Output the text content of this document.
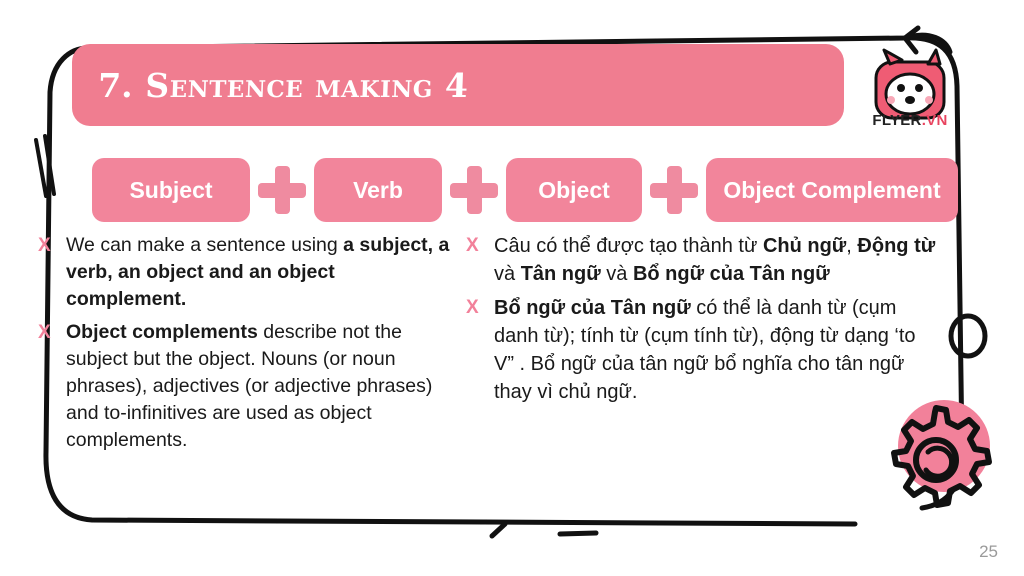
7. Sentence making 4
FLYER.VN
Subject	Verb	Object	Object Complement
X We can make a sentence using a subject, a verb, an object and an object complement.
X Object complements describe not the subject but the object. Nouns (or noun phrases), adjectives (or adjective phrases) and to-infinitives are used as object complements.
X Câu có thể được tạo thành từ Chủ ngữ, Động từ và Tân ngữ và Bổ ngữ của Tân ngữ
X Bổ ngữ của Tân ngữ có thể là danh từ (cụm danh từ); tính từ (cụm tính từ), động từ dạng ‘to V” . Bổ ngữ của tân ngữ bổ nghĩa cho tân ngữ thay vì chủ ngữ.
25
